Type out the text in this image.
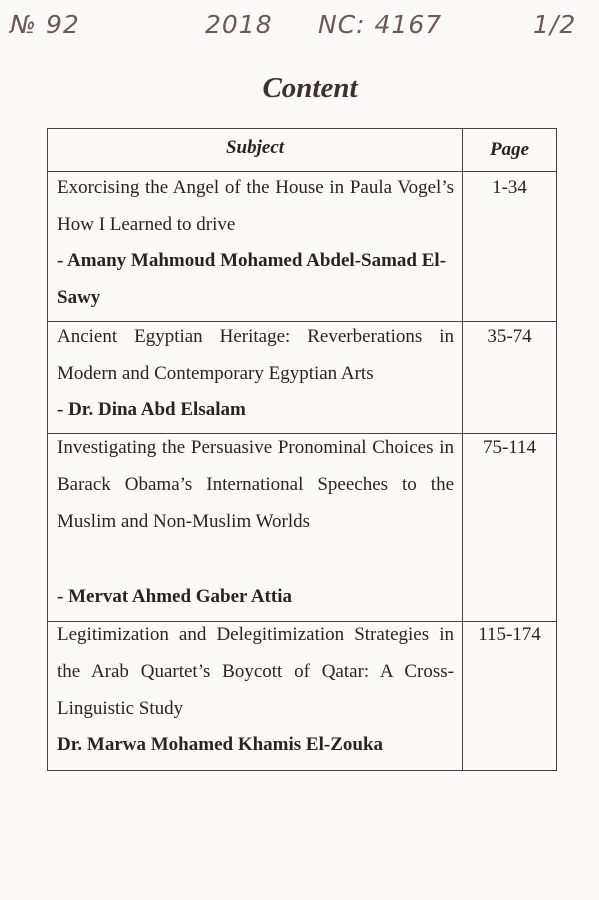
№ 92	2018 NC: 4167	1/2
Content
Subject	Page
Exorcising the Angel of the House in Paula Vogel’s How I Learned to drive
- Amany Mahmoud Mohamed Abdel-Samad El-Sawy
1-34
Ancient Egyptian Heritage: Reverberations in Modern and Contemporary Egyptian Arts
- Dr. Dina Abd Elsalam
35-74
Investigating the Persuasive Pronominal Choices in Barack Obama’s International Speeches to the Muslim and Non-Muslim Worlds
- Mervat Ahmed Gaber Attia
75-114
Legitimization and Delegitimization Strategies in the Arab Quartet’s Boycott of Qatar: A Cross-Linguistic Study
Dr. Marwa Mohamed Khamis El-Zouka
115-174
